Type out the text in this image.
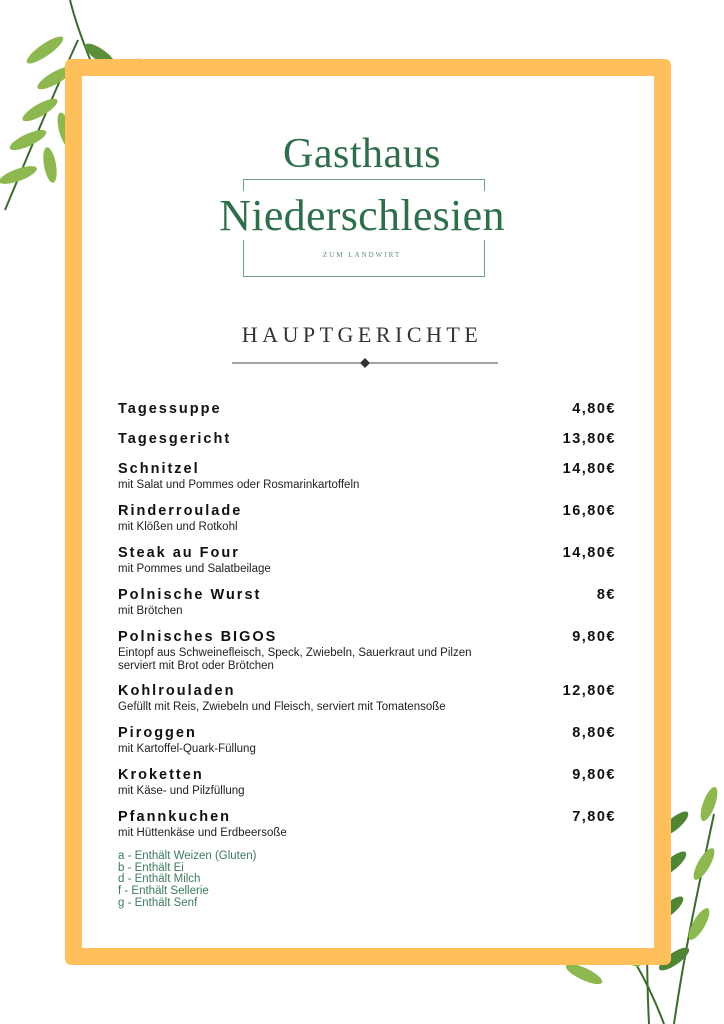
Gasthaus
Niederschlesien
ZUM LANDWIRT
HAUPTGERICHTE
Tagessuppe	4,80€
Tagesgericht	13,80€
Schnitzel	14,80€
mit Salat und Pommes oder Rosmarinkartoffeln
Rinderroulade	16,80€
mit Klößen und Rotkohl
Steak au Four	14,80€
mit Pommes und Salatbeilage
Polnische Wurst	8€
mit Brötchen
Polnisches BIGOS	9,80€
Eintopf aus Schweinefleisch, Speck, Zwiebeln, Sauerkraut und Pilzen
serviert mit Brot oder Brötchen
Kohlrouladen	12,80€
Gefüllt mit Reis, Zwiebeln und Fleisch, serviert mit Tomatensoße
Piroggen	8,80€
mit Kartoffel-Quark-Füllung
Kroketten	9,80€
mit Käse- und Pilzfüllung
Pfannkuchen	7,80€
mit Hüttenkäse und Erdbeersoße
a - Enthält Weizen (Gluten)
b - Enthält Ei
d - Enthält Milch
f - Enthält Sellerie
g - Enthält Senf
